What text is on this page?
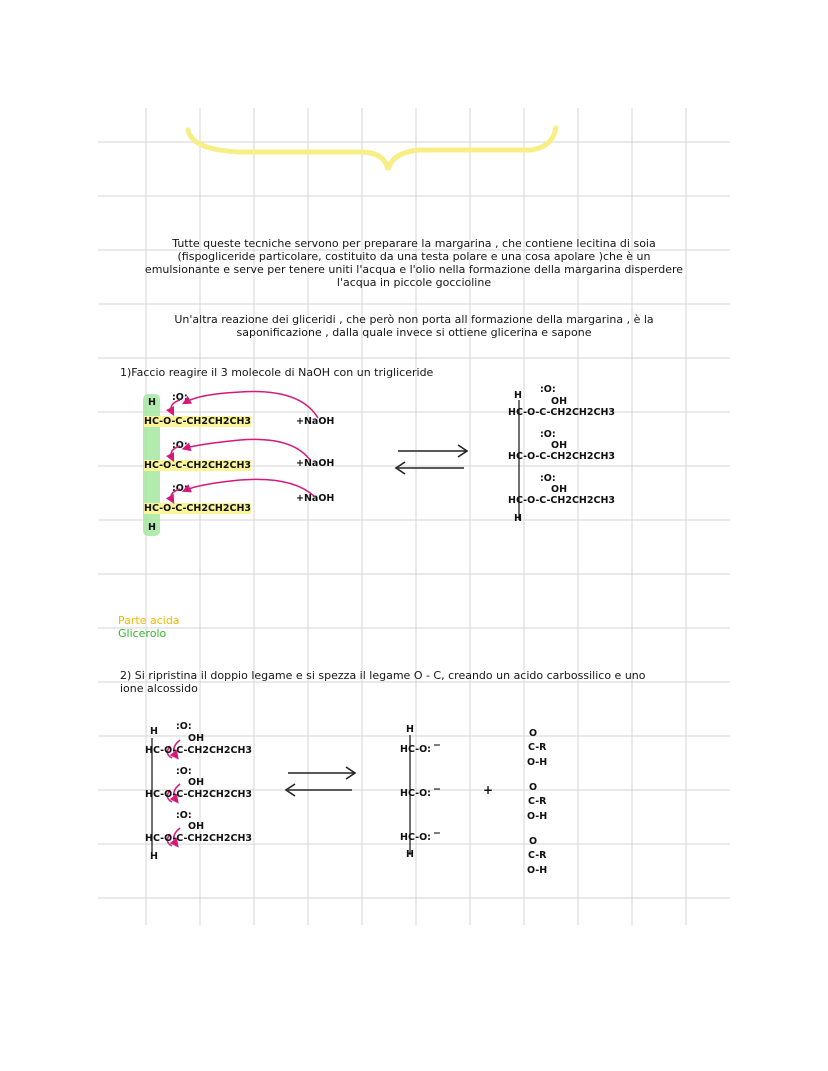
Tutte queste tecniche servono per preparare la margarina , che contiene lecitina di soia
(fispogliceride particolare, costituito da una testa polare e una cosa apolare )che è un
emulsionante e serve per tenere uniti l'acqua e l'olio nella formazione della margarina disperdere
l'acqua in piccole goccioline
Un'altra reazione dei gliceridi , che però non porta all formazione della margarina , è la
saponificazione , dalla quale invece si ottiene glicerina e sapone
1)Faccio reagire il 3 molecole di NaOH con un trigliceride
H :O:
HC-O-C-CH2CH2CH3
:O:
HC-O-C-CH2CH2CH3
:O:
HC-O-C-CH2CH2CH3
H
+NaOH
+NaOH
+NaOH
H
:O:
OH
HC-O-C-CH2CH2CH3
:O:
OH
HC-O-C-CH2CH2CH3
:O:
OH
HC-O-C-CH2CH2CH3
H
Parte acida
Glicerolo
2) Si ripristina il doppio legame e si spezza il legame O - C, creando un acido carbossilico e uno
ione alcossido
H :O:
OH
HC-O-C-CH2CH2CH3
:O:
OH
HC-O-C-CH2CH2CH3
:O:
OH
HC-O-C-CH2CH2CH3
H
H
HC-O: −
HC-O: −
HC-O: −
H
+
O
C-R
O-H
O
C-R
O-H
O
C-R
O-H
